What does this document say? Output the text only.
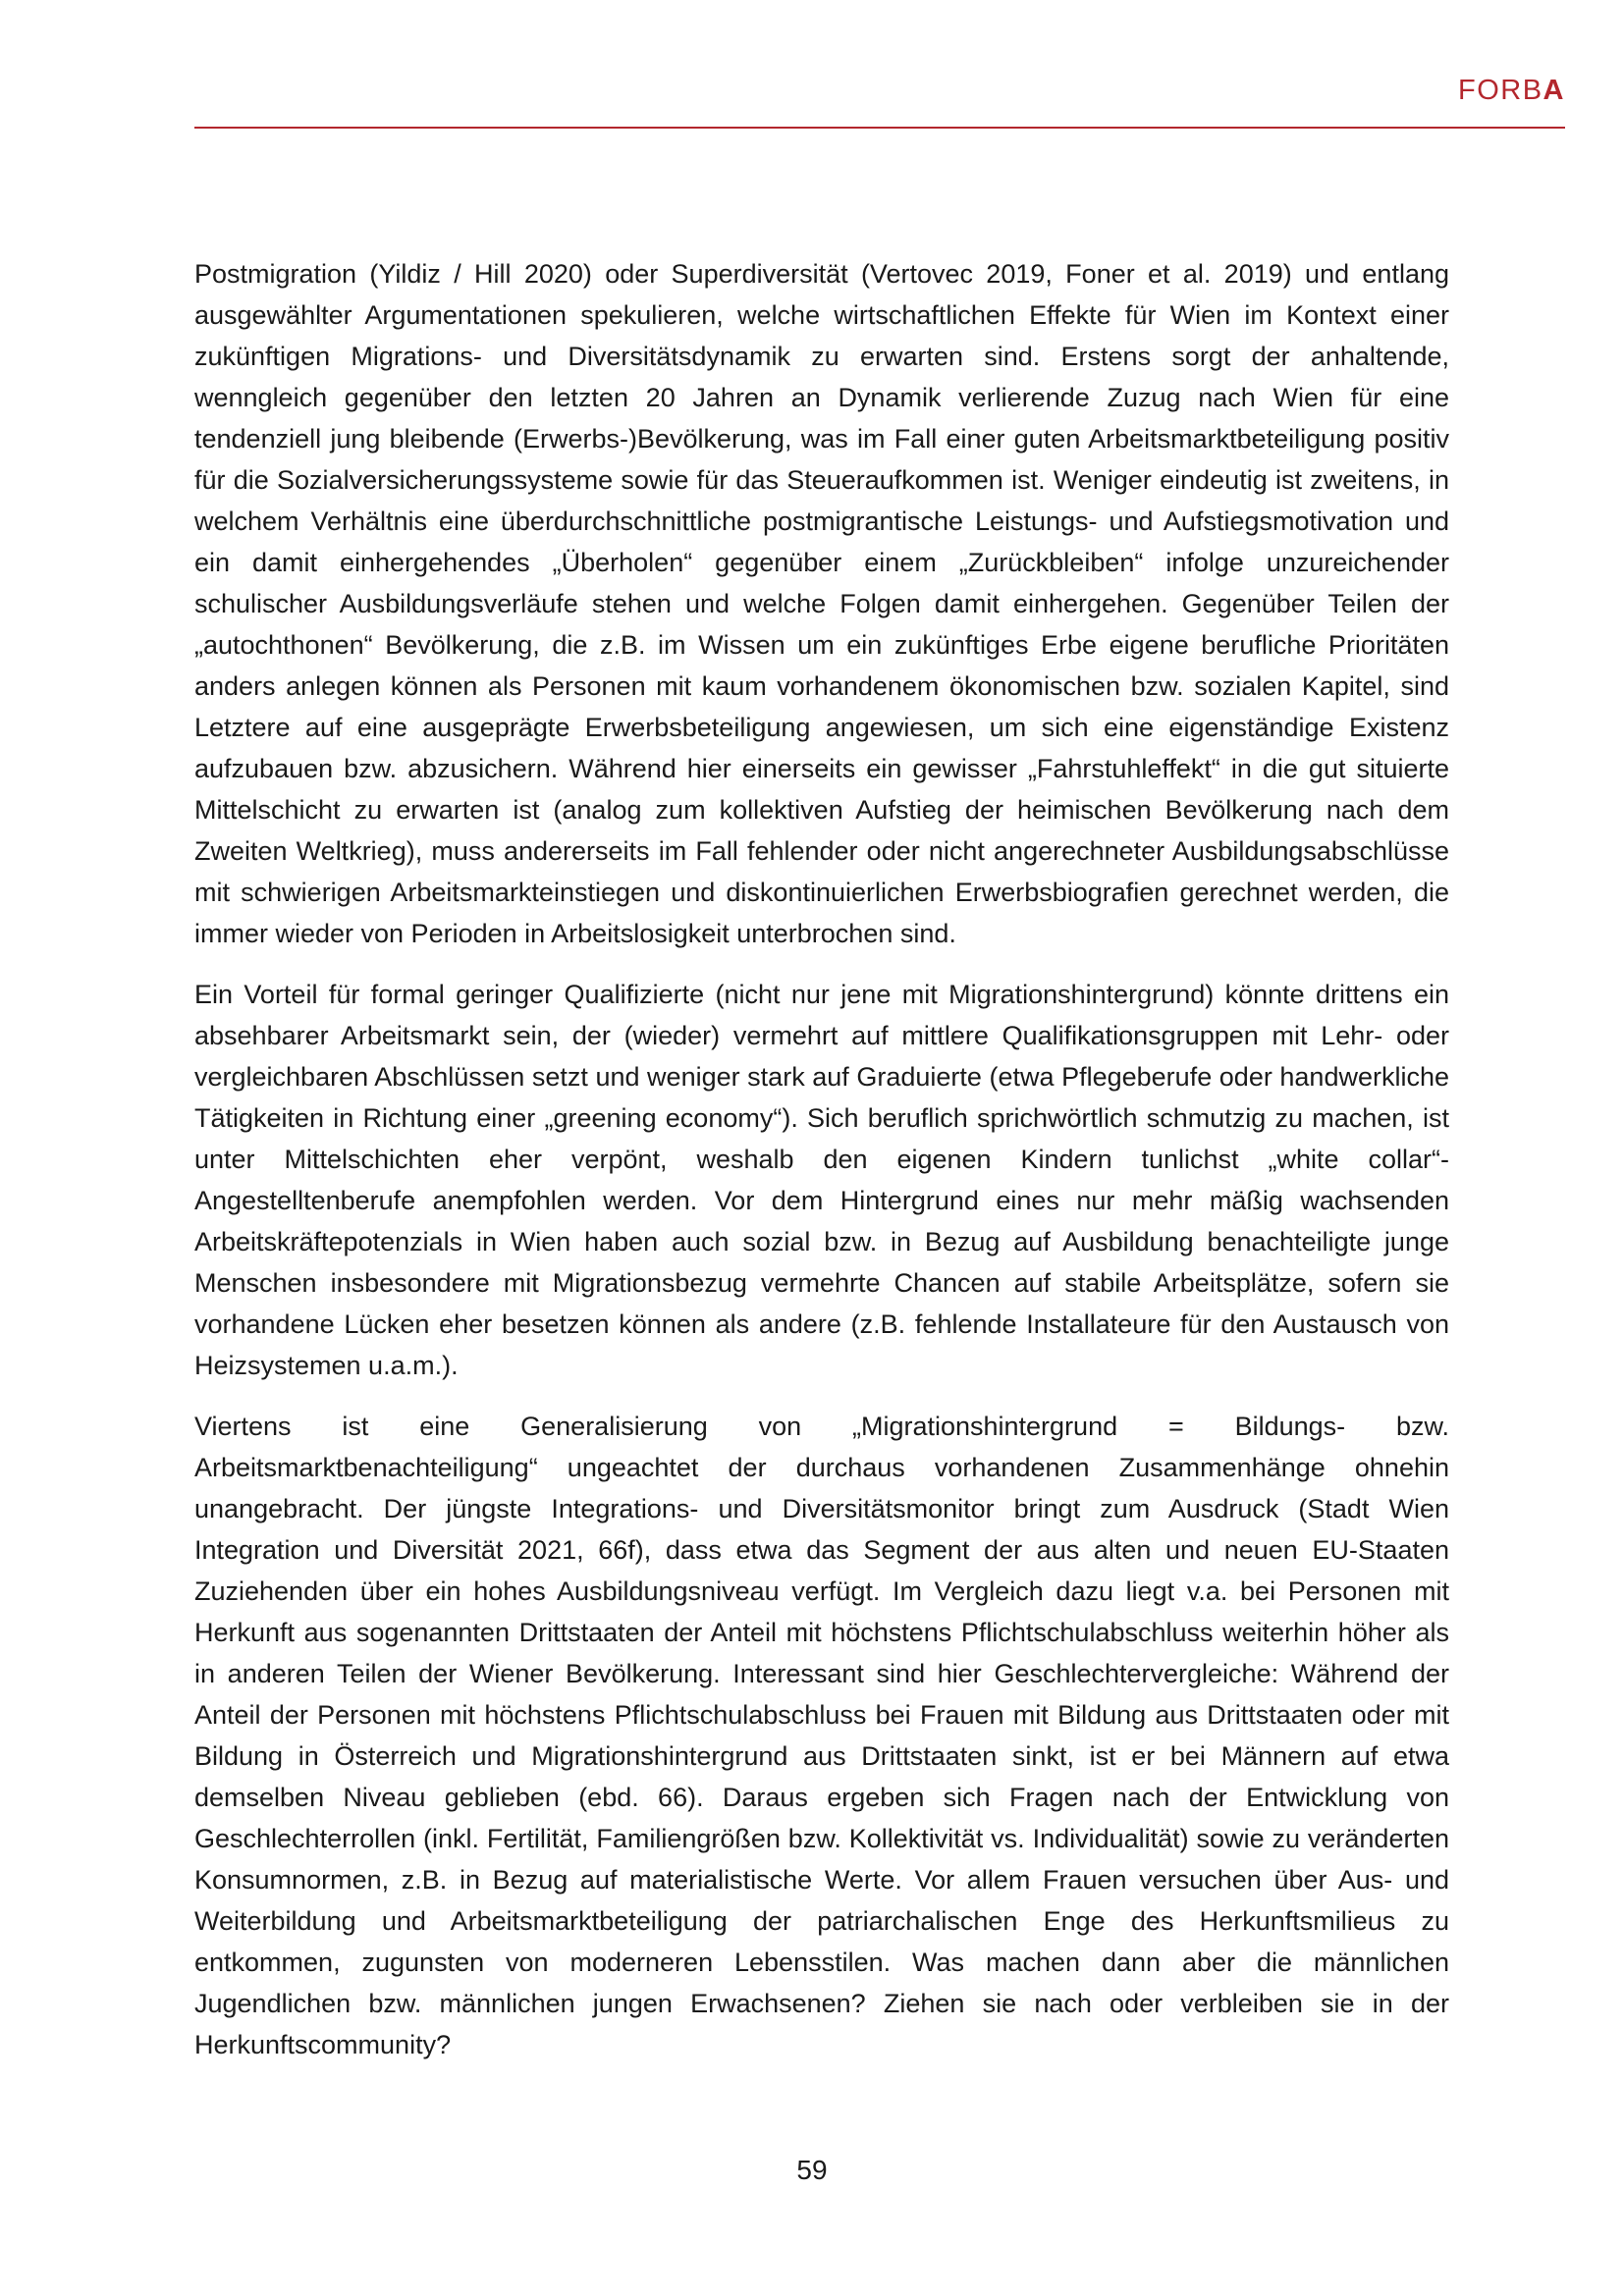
FORBA

Postmigration (Yildiz / Hill 2020) oder Superdiversität (Vertovec 2019, Foner et al. 2019) und entlang ausgewählter Argumentationen spekulieren, welche wirtschaftlichen Effekte für Wien im Kontext einer zukünftigen Migrations- und Diversitätsdynamik zu erwarten sind. Erstens sorgt der anhaltende, wenngleich gegenüber den letzten 20 Jahren an Dynamik verlierende Zuzug nach Wien für eine tendenziell jung bleibende (Erwerbs-)Bevölkerung, was im Fall einer guten Arbeitsmarktbeteiligung positiv für die Sozialversicherungssysteme sowie für das Steueraufkommen ist. Weniger eindeutig ist zweitens, in welchem Verhältnis eine überdurchschnittliche postmigrantische Leistungs- und Aufstiegsmotivation und ein damit einhergehendes „Überholen“ gegenüber einem „Zurückbleiben“ infolge unzureichender schulischer Ausbildungsverläufe stehen und welche Folgen damit einhergehen. Gegenüber Teilen der „autochthonen“ Bevölkerung, die z.B. im Wissen um ein zukünftiges Erbe eigene berufliche Prioritäten anders anlegen können als Personen mit kaum vorhandenem ökonomischen bzw. sozialen Kapitel, sind Letztere auf eine ausgeprägte Erwerbsbeteiligung angewiesen, um sich eine eigenständige Existenz aufzubauen bzw. abzusichern. Während hier einerseits ein gewisser „Fahrstuhleffekt“ in die gut situierte Mittelschicht zu erwarten ist (analog zum kollektiven Aufstieg der heimischen Bevölkerung nach dem Zweiten Weltkrieg), muss andererseits im Fall fehlender oder nicht angerechneter Ausbildungsabschlüsse mit schwierigen Arbeitsmarkteinstiegen und diskontinuierlichen Erwerbsbiografien gerechnet werden, die immer wieder von Perioden in Arbeitslosigkeit unterbrochen sind.

Ein Vorteil für formal geringer Qualifizierte (nicht nur jene mit Migrationshintergrund) könnte drittens ein absehbarer Arbeitsmarkt sein, der (wieder) vermehrt auf mittlere Qualifikationsgruppen mit Lehr- oder vergleichbaren Abschlüssen setzt und weniger stark auf Graduierte (etwa Pflegeberufe oder handwerkliche Tätigkeiten in Richtung einer „greening economy“). Sich beruflich sprichwörtlich schmutzig zu machen, ist unter Mittelschichten eher verpönt, weshalb den eigenen Kindern tunlichst „white collar“- Angestelltenberufe anempfohlen werden. Vor dem Hintergrund eines nur mehr mäßig wachsenden Arbeitskräftepotenzials in Wien haben auch sozial bzw. in Bezug auf Ausbildung benachteiligte junge Menschen insbesondere mit Migrationsbezug vermehrte Chancen auf stabile Arbeitsplätze, sofern sie vorhandene Lücken eher besetzen können als andere (z.B. fehlende Installateure für den Austausch von Heizsystemen u.a.m.).

Viertens ist eine Generalisierung von „Migrationshintergrund = Bildungs- bzw. Arbeitsmarktbenachteiligung“ ungeachtet der durchaus vorhandenen Zusammenhänge ohnehin unangebracht. Der jüngste Integrations- und Diversitätsmonitor bringt zum Ausdruck (Stadt Wien Integration und Diversität 2021, 66f), dass etwa das Segment der aus alten und neuen EU-Staaten Zuziehenden über ein hohes Ausbildungsniveau verfügt. Im Vergleich dazu liegt v.a. bei Personen mit Herkunft aus sogenannten Drittstaaten der Anteil mit höchstens Pflichtschulabschluss weiterhin höher als in anderen Teilen der Wiener Bevölkerung. Interessant sind hier Geschlechtervergleiche: Während der Anteil der Personen mit höchstens Pflichtschulabschluss bei Frauen mit Bildung aus Drittstaaten oder mit Bildung in Österreich und Migrationshintergrund aus Drittstaaten sinkt, ist er bei Männern auf etwa demselben Niveau geblieben (ebd. 66). Daraus ergeben sich Fragen nach der Entwicklung von Geschlechterrollen (inkl. Fertilität, Familiengrößen bzw. Kollektivität vs. Individualität) sowie zu veränderten Konsumnormen, z.B. in Bezug auf materialistische Werte. Vor allem Frauen versuchen über Aus- und Weiterbildung und Arbeitsmarktbeteiligung der patriarchalischen Enge des Herkunftsmilieus zu entkommen, zugunsten von moderneren Lebensstilen. Was machen dann aber die männlichen Jugendlichen bzw. männlichen jungen Erwachsenen? Ziehen sie nach oder verbleiben sie in der Herkunftscommunity?

59
